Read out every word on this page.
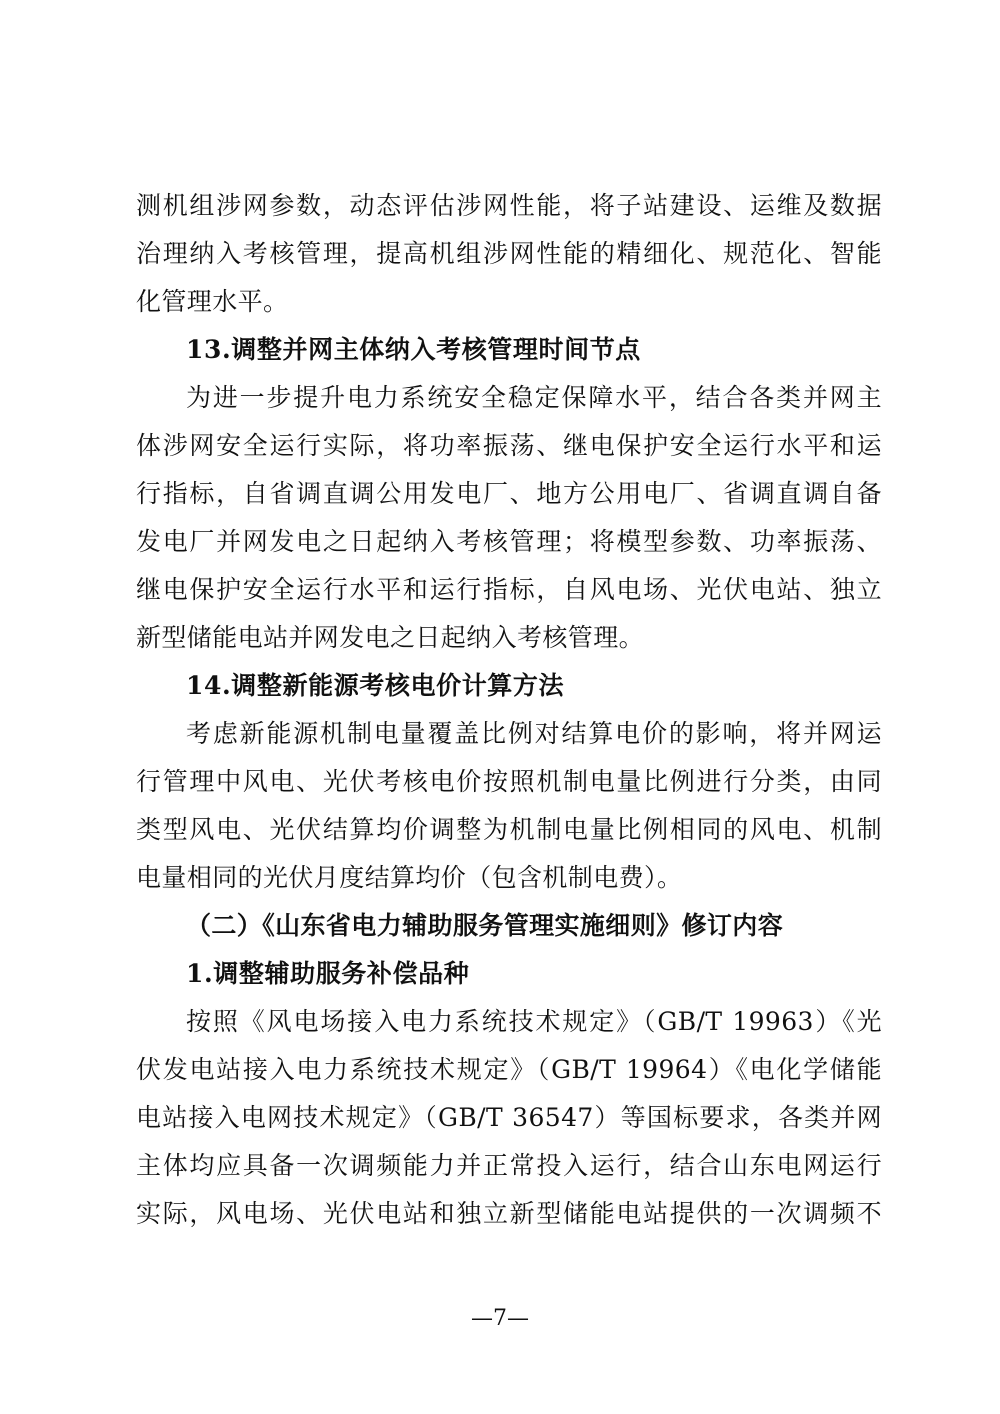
测机组涉网参数，动态评估涉网性能，将子站建设、运维及数据
治理纳入考核管理，提高机组涉网性能的精细化、规范化、智能
化管理水平。
13.调整并网主体纳入考核管理时间节点
为进一步提升电力系统安全稳定保障水平，结合各类并网主
体涉网安全运行实际，将功率振荡、继电保护安全运行水平和运
行指标，自省调直调公用发电厂、地方公用电厂、省调直调自备
发电厂并网发电之日起纳入考核管理；将模型参数、功率振荡、
继电保护安全运行水平和运行指标，自风电场、光伏电站、独立
新型储能电站并网发电之日起纳入考核管理。
14.调整新能源考核电价计算方法
考虑新能源机制电量覆盖比例对结算电价的影响，将并网运
行管理中风电、光伏考核电价按照机制电量比例进行分类，由同
类型风电、光伏结算均价调整为机制电量比例相同的风电、机制
电量相同的光伏月度结算均价（包含机制电费）。
（二）《山东省电力辅助服务管理实施细则》修订内容
1.调整辅助服务补偿品种
按照《风电场接入电力系统技术规定》（GB/T 19963）《光
伏发电站接入电力系统技术规定》（GB/T 19964）《电化学储能
电站接入电网技术规定》（GB/T 36547）等国标要求，各类并网
主体均应具备一次调频能力并正常投入运行，结合山东电网运行
实际，风电场、光伏电站和独立新型储能电站提供的一次调频不
—7—
